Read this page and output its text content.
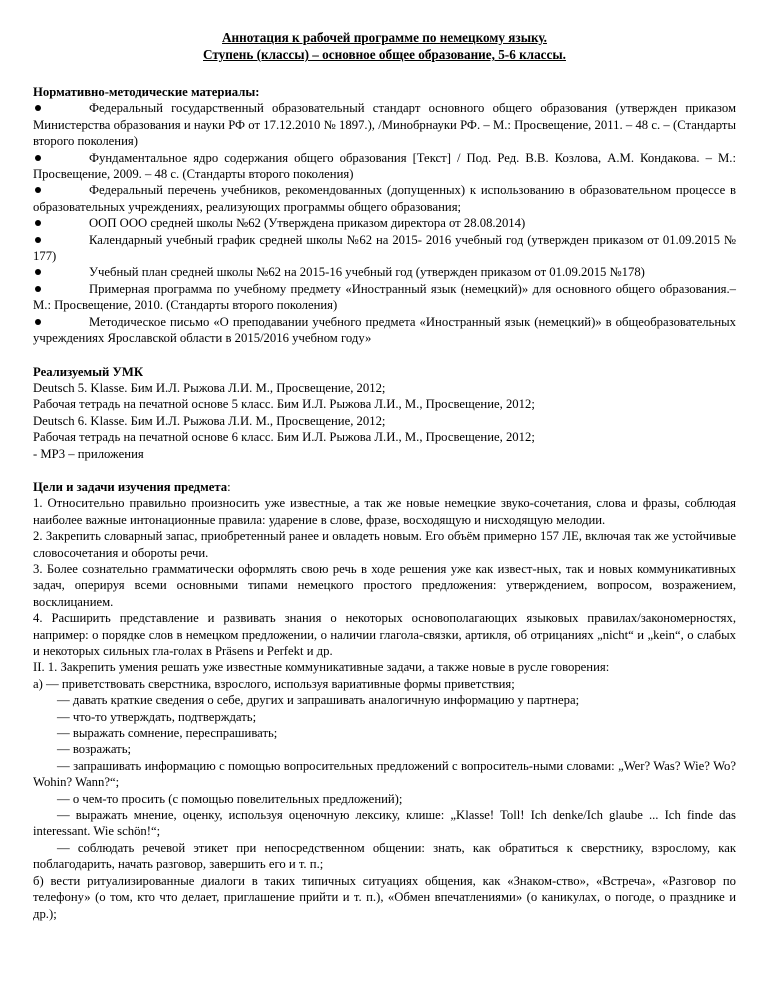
Аннотация к рабочей программе по немецкому языку.
Ступень (классы) – основное общее образование, 5-6 классы.
Нормативно-методические материалы:
Федеральный государственный образовательный стандарт основного общего образования (утвержден приказом Министерства образования и науки РФ от 17.12.2010 № 1897.), /Минобрнауки РФ. – М.: Просвещение, 2011. – 48 с. – (Стандарты второго поколения)
Фундаментальное ядро содержания общего образования [Текст] / Под. Ред. В.В. Козлова, А.М. Кондакова. – М.: Просвещение, 2009. – 48 с. (Стандарты второго поколения)
Федеральный перечень учебников, рекомендованных (допущенных) к использованию в образовательном процессе в образовательных учреждениях, реализующих программы общего образования;
ООП ООО средней школы №62 (Утверждена приказом директора от 28.08.2014)
Календарный учебный график средней школы №62 на 2015- 2016 учебный год (утвержден приказом от 01.09.2015 № 177)
Учебный план средней школы №62 на 2015-16 учебный год (утвержден приказом от 01.09.2015 №178)
Примерная программа по учебному предмету «Иностранный язык (немецкий)» для основного общего образования.– М.: Просвещение, 2010. (Стандарты второго поколения)
Методическое письмо «О преподавании учебного предмета «Иностранный язык (немецкий)» в общеобразовательных учреждениях Ярославской области в 2015/2016 учебном году»
Реализуемый УМК
Deutsch 5. Klasse. Бим И.Л. Рыжова Л.И. М., Просвещение, 2012;
Рабочая тетрадь на печатной основе 5 класс. Бим И.Л. Рыжова Л.И., М., Просвещение, 2012;
Deutsch 6. Klasse. Бим И.Л. Рыжова Л.И. М., Просвещение, 2012;
Рабочая тетрадь на печатной основе 6 класс. Бим И.Л. Рыжова Л.И., М., Просвещение, 2012;
- MP3 – приложения
Цели и задачи изучения предмета:
1. Относительно правильно произносить уже известные, а так же новые немецкие звуко-сочетания, слова и фразы, соблюдая наиболее важные интонационные правила: ударение в слове, фразе, восходящую и нисходящую мелодии.
2. Закрепить словарный запас, приобретенный ранее и овладеть новым. Его объём примерно 157 ЛЕ, включая так же устойчивые словосочетания и обороты речи.
3. Более сознательно грамматически оформлять свою речь в ходе решения уже как извест-ных, так и новых коммуникативных задач, оперируя всеми основными типами немецкого простого предложения: утверждением, вопросом, возражением, восклицанием.
4. Расширить представление и развивать знания о некоторых основополагающих языковых правилах/закономерностях, например: о порядке слов в немецком предложении, о наличии глагола-связки, артикля, об отрицаниях „nicht“ и „kein“, о слабых и некоторых сильных гла-голах в Präsens и Perfekt и др.
II. 1. Закрепить умения решать уже известные коммуникативные задачи, а также новые в русле говорения:
а) — приветствовать сверстника, взрослого, используя вариативные формы приветствия;
— давать краткие сведения о себе, других и запрашивать аналогичную информацию у партнера;
— что-то утверждать, подтверждать;
— выражать сомнение, переспрашивать;
— возражать;
— запрашивать информацию с помощью вопросительных предложений с вопроситель-ными словами: „Wer? Was? Wie? Wo? Wohin? Wann?“;
— о чем-то просить (с помощью повелительных предложений);
— выражать мнение, оценку, используя оценочную лексику, клише: „Klasse! Toll! Ich denke/Ich glaube ... Ich finde das interessant. Wie schön!“;
— соблюдать речевой этикет при непосредственном общении: знать, как обратиться к сверстнику, взрослому, как поблагодарить, начать разговор, завершить его и т. п.;
б) вести ритуализированные диалоги в таких типичных ситуациях общения, как «Знаком-ство», «Встреча», «Разговор по телефону» (о том, кто что делает, приглашение прийти и т. п.), «Обмен впечатлениями» (о каникулах, о погоде, о празднике и др.);
